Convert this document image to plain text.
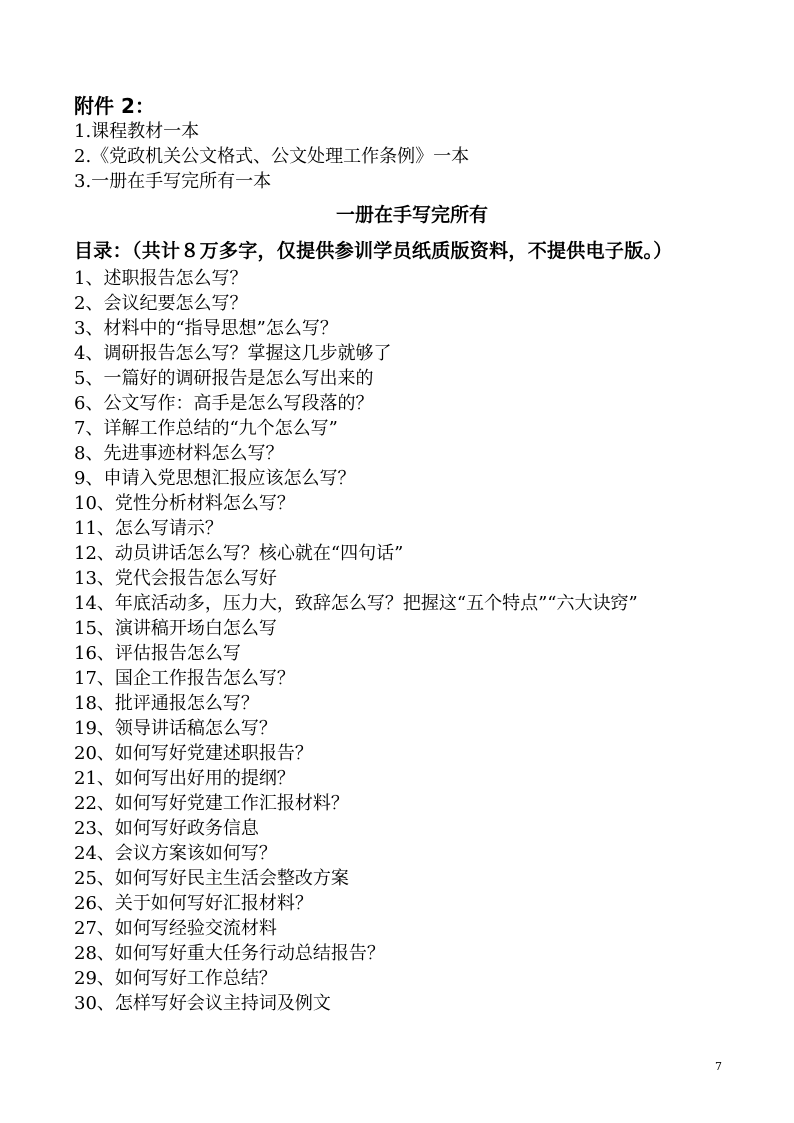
附件 2：
1.课程教材一本
2.《党政机关公文格式、公文处理工作条例》一本
3.一册在手写完所有一本
一册在手写完所有
目录：（共计８万多字，仅提供参训学员纸质版资料，不提供电子版。）
1、述职报告怎么写？
2、会议纪要怎么写？
3、材料中的“指导思想”怎么写？
4、调研报告怎么写？掌握这几步就够了
5、一篇好的调研报告是怎么写出来的
6、公文写作：高手是怎么写段落的？
7、详解工作总结的“九个怎么写”
8、先进事迹材料怎么写？
9、申请入党思想汇报应该怎么写？
10、党性分析材料怎么写？
11、怎么写请示？
12、动员讲话怎么写？核心就在“四句话”
13、党代会报告怎么写好
14、年底活动多，压力大，致辞怎么写？把握这“五个特点”“六大诀窍”
15、演讲稿开场白怎么写
16、评估报告怎么写
17、国企工作报告怎么写？
18、批评通报怎么写？
19、领导讲话稿怎么写？
20、如何写好党建述职报告？
21、如何写出好用的提纲？
22、如何写好党建工作汇报材料？
23、如何写好政务信息
24、会议方案该如何写？
25、如何写好民主生活会整改方案
26、关于如何写好汇报材料？
27、如何写经验交流材料
28、如何写好重大任务行动总结报告？
29、如何写好工作总结？
30、怎样写好会议主持词及例文
7
